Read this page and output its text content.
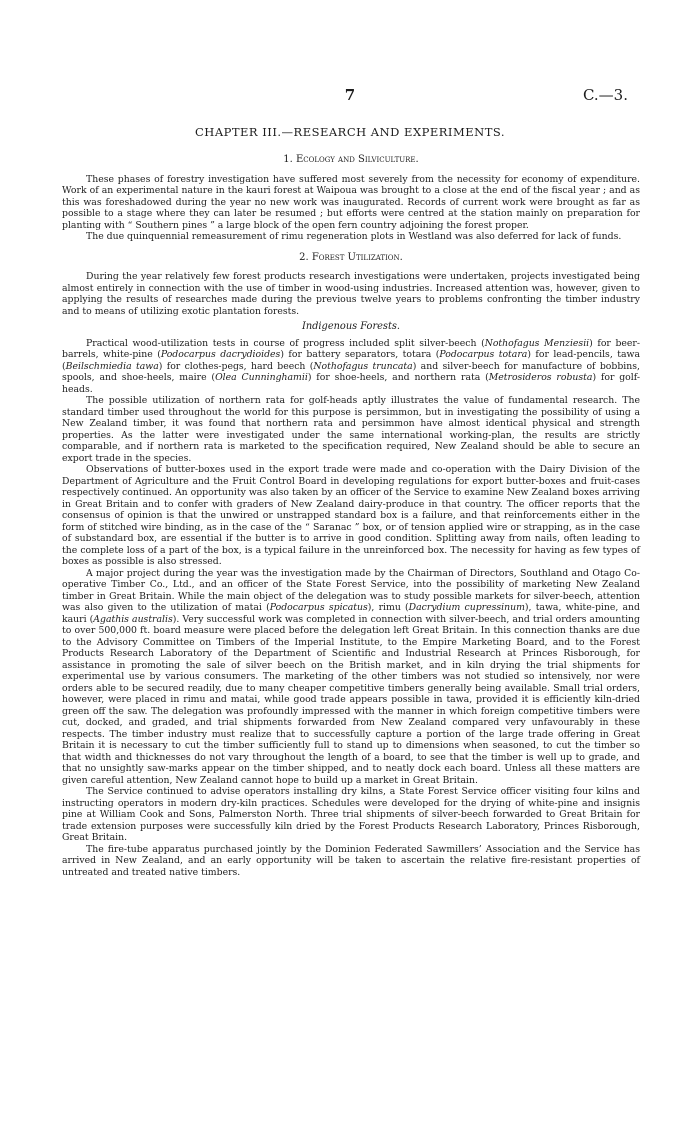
7	C.—3.
CHAPTER III.—RESEARCH AND EXPERIMENTS.
1. Ecology and Silviculture.

These phases of forestry investigation have suffered most severely from the necessity for economy of expenditure. Work of an experimental nature in the kauri forest at Waipoua was brought to a close at the end of the fiscal year ; and as this was foreshadowed during the year no new work was inaugurated. Records of current work were brought as far as possible to a stage where they can later be resumed ; but efforts were centred at the station mainly on preparation for planting with “ Southern pines ” a large block of the open fern country adjoining the forest proper.

The due quinquennial remeasurement of rimu regeneration plots in Westland was also deferred for lack of funds.

2. Forest Utilization.

During the year relatively few forest products research investigations were undertaken, projects investigated being almost entirely in connection with the use of timber in wood-using industries. Increased attention was, however, given to applying the results of researches made during the previous twelve years to problems confronting the timber industry and to means of utilizing exotic plantation forests.

Indigenous Forests.

Practical wood-utilization tests in course of progress included split silver-beech (Nothofagus Menziesii) for beer-barrels, white-pine (Podocarpus dacrydioides) for battery separators, totara (Podocarpus totara) for lead-pencils, tawa (Beilschmiedia tawa) for clothes-pegs, hard beech (Nothofagus truncata) and silver-beech for manufacture of bobbins, spools, and shoe-heels, maire (Olea Cunninghamii) for shoe-heels, and northern rata (Metrosideros robusta) for golf-heads.

The possible utilization of northern rata for golf-heads aptly illustrates the value of fundamental research. The standard timber used throughout the world for this purpose is persimmon, but in investigating the possibility of using a New Zealand timber, it was found that northern rata and persimmon have almost identical physical and strength properties. As the latter were investigated under the same international working-plan, the results are strictly comparable, and if northern rata is marketed to the specification required, New Zealand should be able to secure an export trade in the species.

Observations of butter-boxes used in the export trade were made and co-operation with the Dairy Division of the Department of Agriculture and the Fruit Control Board in developing regulations for export butter-boxes and fruit-cases respectively continued. An opportunity was also taken by an officer of the Service to examine New Zealand boxes arriving in Great Britain and to confer with graders of New Zealand dairy-produce in that country. The officer reports that the consensus of opinion is that the unwired or unstrapped standard box is a failure, and that reinforcements either in the form of stitched wire binding, as in the case of the “ Saranac ” box, or of tension applied wire or strapping, as in the case of substandard box, are essential if the butter is to arrive in good condition. Splitting away from nails, often leading to the complete loss of a part of the box, is a typical failure in the unreinforced box. The necessity for having as few types of boxes as possible is also stressed.

A major project during the year was the investigation made by the Chairman of Directors, Southland and Otago Co-operative Timber Co., Ltd., and an officer of the State Forest Service, into the possibility of marketing New Zealand timber in Great Britain. While the main object of the delegation was to study possible markets for silver-beech, attention was also given to the utilization of matai (Podocarpus spicatus), rimu (Dacrydium cupressinum), tawa, white-pine, and kauri (Agathis australis). Very successful work was completed in connection with silver-beech, and trial orders amounting to over 500,000 ft. board measure were placed before the delegation left Great Britain. In this connection thanks are due to the Advisory Committee on Timbers of the Imperial Institute, to the Empire Marketing Board, and to the Forest Products Research Laboratory of the Department of Scientific and Industrial Research at Princes Risborough, for assistance in promoting the sale of silver beech on the British market, and in kiln drying the trial shipments for experimental use by various consumers. The marketing of the other timbers was not studied so intensively, nor were orders able to be secured readily, due to many cheaper competitive timbers generally being available. Small trial orders, however, were placed in rimu and matai, while good trade appears possible in tawa, provided it is efficiently kiln-dried green off the saw. The delegation was profoundly impressed with the manner in which foreign competitive timbers were cut, docked, and graded, and trial shipments forwarded from New Zealand compared very unfavourably in these respects. The timber industry must realize that to successfully capture a portion of the large trade offering in Great Britain it is necessary to cut the timber sufficiently full to stand up to dimensions when seasoned, to cut the timber so that width and thicknesses do not vary throughout the length of a board, to see that the timber is well up to grade, and that no unsightly saw-marks appear on the timber shipped, and to neatly dock each board. Unless all these matters are given careful attention, New Zealand cannot hope to build up a market in Great Britain.

The Service continued to advise operators installing dry kilns, a State Forest Service officer visiting four kilns and instructing operators in modern dry-kiln practices. Schedules were developed for the drying of white-pine and insignis pine at William Cook and Sons, Palmerston North. Three trial shipments of silver-beech forwarded to Great Britain for trade extension purposes were successfully kiln dried by the Forest Products Research Laboratory, Princes Risborough, Great Britain.

The fire-tube apparatus purchased jointly by the Dominion Federated Sawmillers’ Association and the Service has arrived in New Zealand, and an early opportunity will be taken to ascertain the relative fire-resistant properties of untreated and treated native timbers.
